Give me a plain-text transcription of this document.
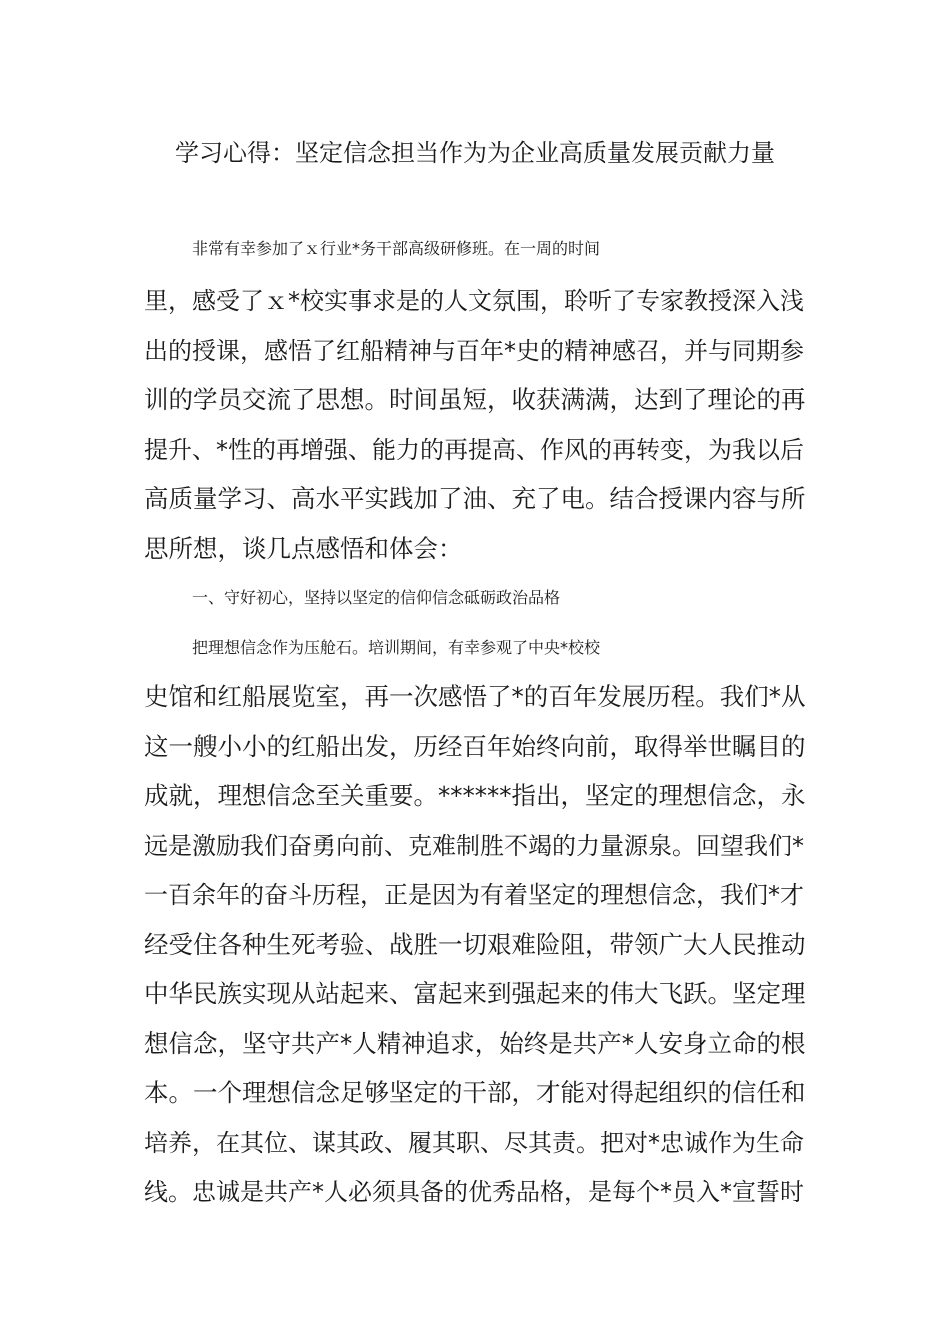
学习心得：坚定信念担当作为为企业高质量发展贡献力量

非常有幸参加了ｘ行业*务干部高级研修班。在一周的时间

里，感受了ｘ*校实事求是的人文氛围，聆听了专家教授深入浅

出的授课，感悟了红船精神与百年*史的精神感召，并与同期参

训的学员交流了思想。时间虽短，收获满满，达到了理论的再

提升、*性的再增强、能力的再提高、作风的再转变，为我以后

高质量学习、高水平实践加了油、充了电。结合授课内容与所

思所想，谈几点感悟和体会：

一、守好初心，坚持以坚定的信仰信念砥砺政治品格

把理想信念作为压舱石。培训期间，有幸参观了中央*校校

史馆和红船展览室，再一次感悟了*的百年发展历程。我们*从

这一艘小小的红船出发，历经百年始终向前，取得举世瞩目的

成就，理想信念至关重要。******指出，坚定的理想信念，永

远是激励我们奋勇向前、克难制胜不竭的力量源泉。回望我们*

一百余年的奋斗历程，正是因为有着坚定的理想信念，我们*才

经受住各种生死考验、战胜一切艰难险阻，带领广大人民推动

中华民族实现从站起来、富起来到强起来的伟大飞跃。坚定理

想信念，坚守共产*人精神追求，始终是共产*人安身立命的根

本。一个理想信念足够坚定的干部，才能对得起组织的信任和

培养，在其位、谋其政、履其职、尽其责。把对*忠诚作为生命

线。忠诚是共产*人必须具备的优秀品格，是每个*员入*宣誓时
